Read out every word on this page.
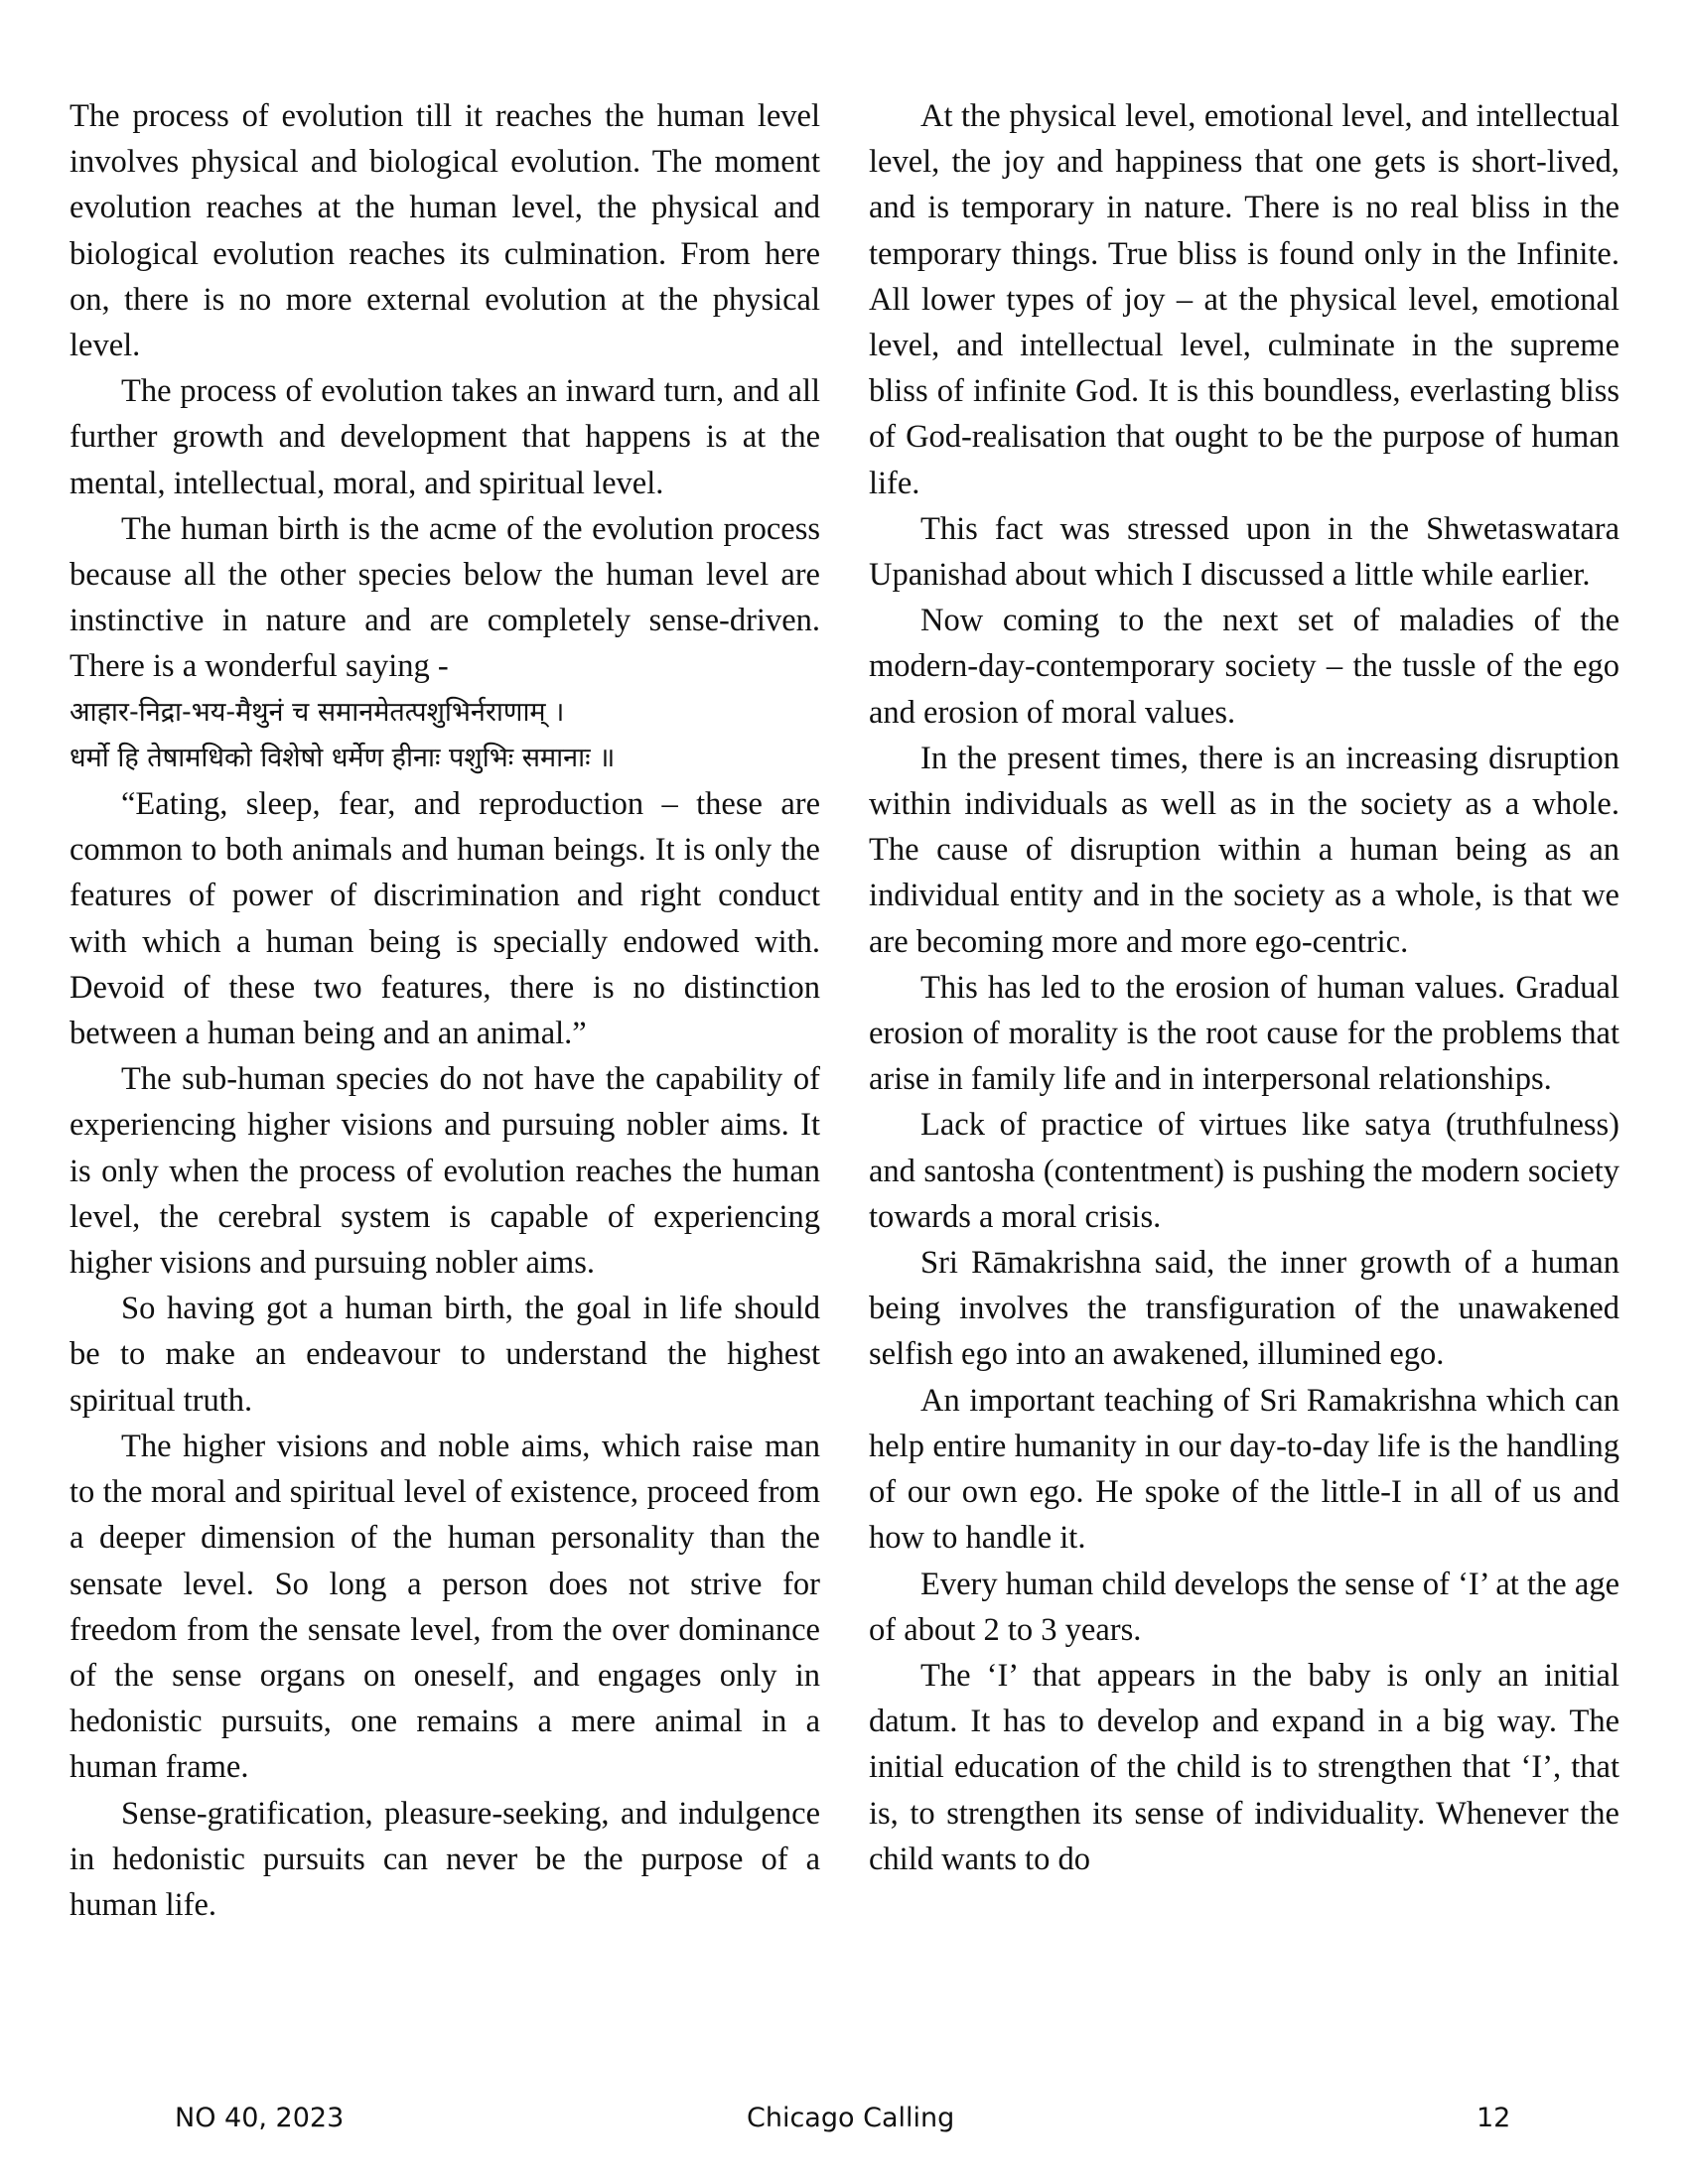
The process of evolution till it reaches the human level involves physical and biological evolution. The moment evolution reaches at the human level, the physical and biological evolution reaches its culmination. From here on, there is no more external evolution at the physical level.

The process of evolution takes an inward turn, and all further growth and development that happens is at the mental, intellectual, moral, and spiritual level.

The human birth is the acme of the evolution process because all the other species below the human level are instinctive in nature and are completely sense-driven. There is a wonderful saying -

आहार-निद्रा-भय-मैथुनं च समानमेतत्पशुभिर्नराणाम् ।

धर्मो हि तेषामधिको विशेषो धर्मेण हीनाः पशुभिः समानाः ॥

“Eating, sleep, fear, and reproduction – these are common to both animals and human beings. It is only the features of power of discrimination and right conduct with which a human being is specially endowed with. Devoid of these two features, there is no distinction between a human being and an animal.”

The sub-human species do not have the capability of experiencing higher visions and pursuing nobler aims. It is only when the process of evolution reaches the human level, the cerebral system is capable of experiencing higher visions and pursuing nobler aims.

So having got a human birth, the goal in life should be to make an endeavour to understand the highest spiritual truth.

The higher visions and noble aims, which raise man to the moral and spiritual level of existence, proceed from a deeper dimension of the human personality than the sensate level. So long a person does not strive for freedom from the sensate level, from the over dominance of the sense organs on oneself, and engages only in hedonistic pursuits, one remains a mere animal in a human frame.

Sense-gratification, pleasure-seeking, and indulgence in hedonistic pursuits can never be the purpose of a human life.

At the physical level, emotional level, and intellectual level, the joy and happiness that one gets is short-lived, and is temporary in nature. There is no real bliss in the temporary things. True bliss is found only in the Infinite. All lower types of joy – at the physical level, emotional level, and intellectual level, culminate in the supreme bliss of infinite God. It is this boundless, everlasting bliss of God-realisation that ought to be the purpose of human life.

This fact was stressed upon in the Shwetaswatara Upanishad about which I discussed a little while earlier.

Now coming to the next set of maladies of the modern-day-contemporary society – the tussle of the ego and erosion of moral values.

In the present times, there is an increasing disruption within individuals as well as in the society as a whole. The cause of disruption within a human being as an individual entity and in the society as a whole, is that we are becoming more and more ego-centric.

This has led to the erosion of human values. Gradual erosion of morality is the root cause for the problems that arise in family life and in interpersonal relationships.

Lack of practice of virtues like satya (truthfulness) and santosha (contentment) is pushing the modern society towards a moral crisis.

Sri Rāmakrishna said, the inner growth of a human being involves the transfiguration of the unawakened selfish ego into an awakened, illumined ego.

An important teaching of Sri Ramakrishna which can help entire humanity in our day-to-day life is the handling of our own ego. He spoke of the little-I in all of us and how to handle it.

Every human child develops the sense of ‘I’ at the age of about 2 to 3 years.

The ‘I’ that appears in the baby is only an initial datum. It has to develop and expand in a big way. The initial education of the child is to strengthen that ‘I’, that is, to strengthen its sense of individuality. Whenever the child wants to do

NO 40, 2023	Chicago Calling	12
